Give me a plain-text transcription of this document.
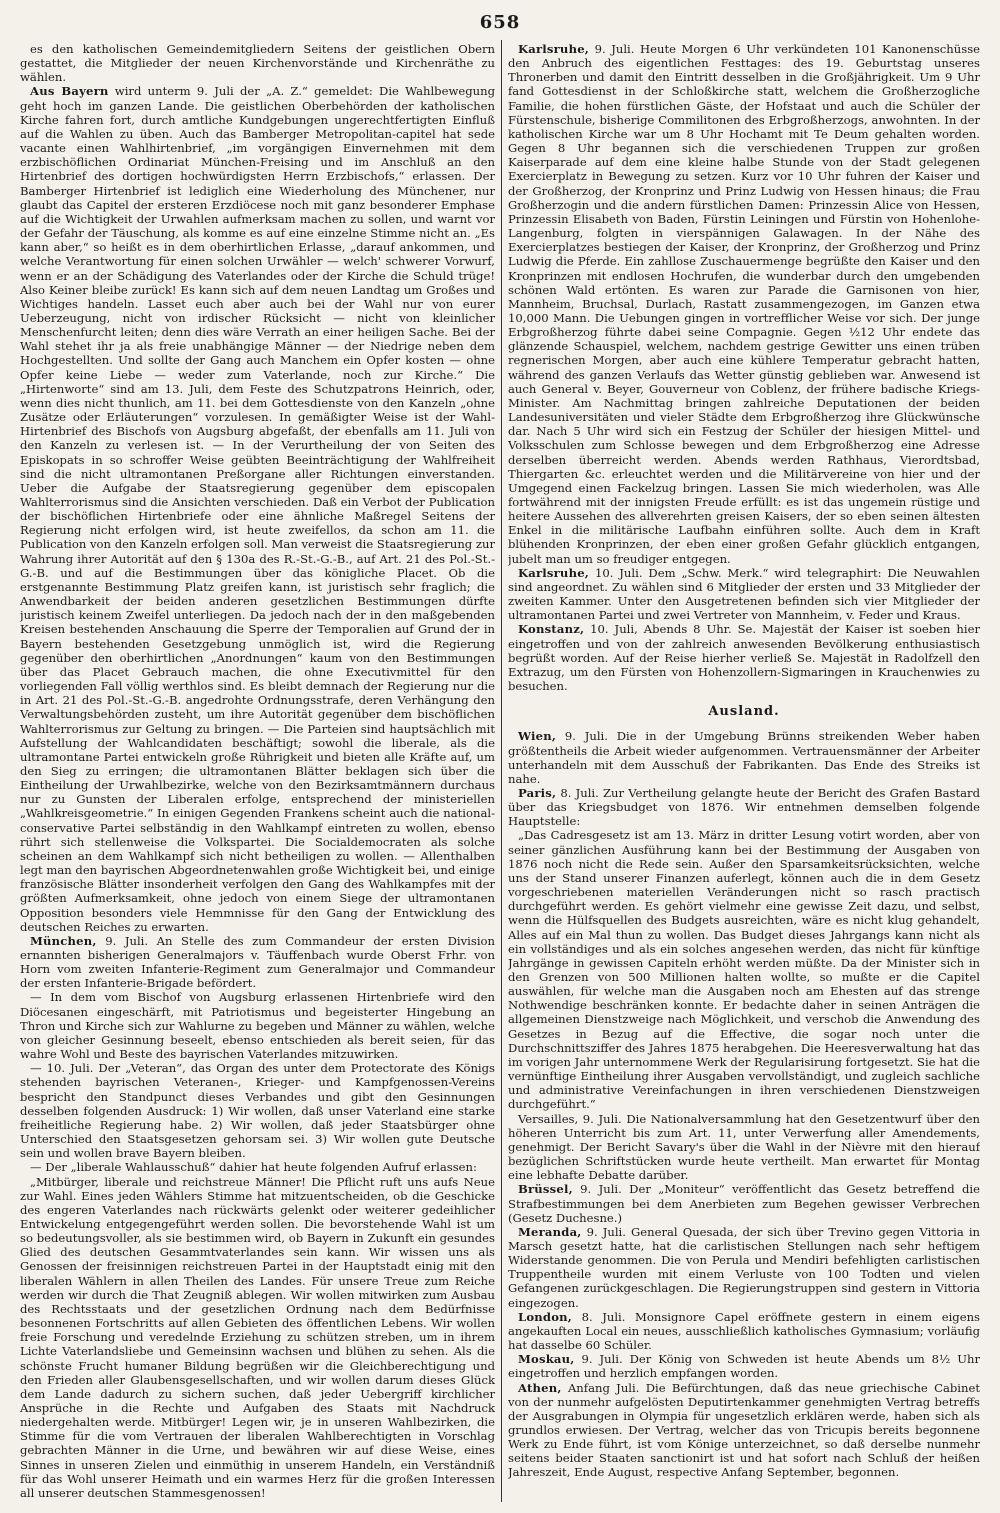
658

es den katholischen Gemeindemitgliedern Seitens der geistlichen Obern gestattet, die Mitglieder der neuen Kirchenvorstände und Kirchenräthe zu wählen.

Aus Bayern wird unterm 9. Juli der „A. Z.“ gemeldet: Die Wahlbewegung geht hoch im ganzen Lande. Die geistlichen Oberbehörden der katholischen Kirche fahren fort, durch amtliche Kundgebungen ungerechtfertigten Einfluß auf die Wahlen zu üben. Auch das Bamberger Metropolitan-capitel hat sede vacante einen Wahlhirtenbrief, „im vorgängigen Einvernehmen mit dem erzbischöflichen Ordinariat München-Freising und im Anschluß an den Hirtenbrief des dortigen hochwürdigsten Herrn Erzbischofs,“ erlassen. Der Bamberger Hirtenbrief ist lediglich eine Wiederholung des Münchener, nur glaubt das Capitel der ersteren Erzdiöcese noch mit ganz besonderer Emphase auf die Wichtigkeit der Urwahlen aufmerksam machen zu sollen, und warnt vor der Gefahr der Täuschung, als komme es auf eine einzelne Stimme nicht an. „Es kann aber,“ so heißt es in dem oberhirtlichen Erlasse, „darauf ankommen, und welche Verantwortung für einen solchen Urwähler — welch' schwerer Vorwurf, wenn er an der Schädigung des Vaterlandes oder der Kirche die Schuld trüge! Also Keiner bleibe zurück! Es kann sich auf dem neuen Landtag um Großes und Wichtiges handeln. Lasset euch aber auch bei der Wahl nur von eurer Ueberzeugung, nicht von irdischer Rücksicht — nicht von kleinlicher Menschenfurcht leiten; denn dies wäre Verrath an einer heiligen Sache. Bei der Wahl stehet ihr ja als freie unabhängige Männer — der Niedrige neben dem Hochgestellten. Und sollte der Gang auch Manchem ein Opfer kosten — ohne Opfer keine Liebe — weder zum Vaterlande, noch zur Kirche.“ Die „Hirtenworte“ sind am 13. Juli, dem Feste des Schutzpatrons Heinrich, oder, wenn dies nicht thunlich, am 11. bei dem Gottesdienste von den Kanzeln „ohne Zusätze oder Erläuterungen“ vorzulesen. In gemäßigter Weise ist der Wahl-Hirtenbrief des Bischofs von Augsburg abgefaßt, der ebenfalls am 11. Juli von den Kanzeln zu verlesen ist. — In der Verurtheilung der von Seiten des Episkopats in so schroffer Weise geübten Beeinträchtigung der Wahlfreiheit sind die nicht ultramontanen Preßorgane aller Richtungen einverstanden. Ueber die Aufgabe der Staatsregierung gegenüber dem episcopalen Wahlterrorismus sind die Ansichten verschieden. Daß ein Verbot der Publication der bischöflichen Hirtenbriefe oder eine ähnliche Maßregel Seitens der Regierung nicht erfolgen wird, ist heute zweifellos, da schon am 11. die Publication von den Kanzeln erfolgen soll. Man verweist die Staatsregierung zur Wahrung ihrer Autorität auf den § 130a des R.-St.-G.-B., auf Art. 21 des Pol.-St.-G.-B. und auf die Bestimmungen über das königliche Placet. Ob die erstgenannte Bestimmung Platz greifen kann, ist juristisch sehr fraglich; die Anwendbarkeit der beiden anderen gesetzlichen Bestimmungen dürfte juristisch keinem Zweifel unterliegen. Da jedoch nach der in den maßgebenden Kreisen bestehenden Anschauung die Sperre der Temporalien auf Grund der in Bayern bestehenden Gesetzgebung unmöglich ist, wird die Regierung gegenüber den oberhirtlichen „Anordnungen“ kaum von den Bestimmungen über das Placet Gebrauch machen, die ohne Executivmittel für den vorliegenden Fall völlig werthlos sind. Es bleibt demnach der Regierung nur die in Art. 21 des Pol.-St.-G.-B. angedrohte Ordnungsstrafe, deren Verhängung den Verwaltungsbehörden zusteht, um ihre Autorität gegenüber dem bischöflichen Wahlterrorismus zur Geltung zu bringen. — Die Parteien sind hauptsächlich mit Aufstellung der Wahlcandidaten beschäftigt; sowohl die liberale, als die ultramontane Partei entwickeln große Rührigkeit und bieten alle Kräfte auf, um den Sieg zu erringen; die ultramontanen Blätter beklagen sich über die Eintheilung der Urwahlbezirke, welche von den Bezirksamtmännern durchaus nur zu Gunsten der Liberalen erfolge, entsprechend der ministeriellen „Wahlkreisgeometrie.“ In einigen Gegenden Frankens scheint auch die national-conservative Partei selbständig in den Wahlkampf eintreten zu wollen, ebenso rührt sich stellenweise die Volkspartei. Die Socialdemocraten als solche scheinen an dem Wahlkampf sich nicht betheiligen zu wollen. — Allenthalben legt man den bayrischen Abgeordnetenwahlen große Wichtigkeit bei, und einige französische Blätter insonderheit verfolgen den Gang des Wahlkampfes mit der größten Aufmerksamkeit, ohne jedoch von einem Siege der ultramontanen Opposition besonders viele Hemmnisse für den Gang der Entwicklung des deutschen Reiches zu erwarten.

München, 9. Juli. An Stelle des zum Commandeur der ersten Division ernannten bisherigen Generalmajors v. Täuffenbach wurde Oberst Frhr. von Horn vom zweiten Infanterie-Regiment zum Generalmajor und Commandeur der ersten Infanterie-Brigade befördert.

— In dem vom Bischof von Augsburg erlassenen Hirtenbriefe wird den Diöcesanen eingeschärft, mit Patriotismus und begeisterter Hingebung an Thron und Kirche sich zur Wahlurne zu begeben und Männer zu wählen, welche von gleicher Gesinnung beseelt, ebenso entschieden als bereit seien, für das wahre Wohl und Beste des bayrischen Vaterlandes mitzuwirken.

— 10. Juli. Der „Veteran“, das Organ des unter dem Protectorate des Königs stehenden bayrischen Veteranen-, Krieger- und Kampfgenossen-Vereins bespricht den Standpunct dieses Verbandes und gibt den Gesinnungen desselben folgenden Ausdruck: 1) Wir wollen, daß unser Vaterland eine starke freiheitliche Regierung habe. 2) Wir wollen, daß jeder Staatsbürger ohne Unterschied den Staatsgesetzen gehorsam sei. 3) Wir wollen gute Deutsche sein und wollen brave Bayern bleiben.

— Der „liberale Wahlausschuß“ dahier hat heute folgenden Aufruf erlassen:

„Mitbürger, liberale und reichstreue Männer! Die Pflicht ruft uns aufs Neue zur Wahl. Eines jeden Wählers Stimme hat mitzuentscheiden, ob die Geschicke des engeren Vaterlandes nach rückwärts gelenkt oder weiterer gedeihlicher Entwickelung entgegengeführt werden sollen. Die bevorstehende Wahl ist um so bedeutungsvoller, als sie bestimmen wird, ob Bayern in Zukunft ein gesundes Glied des deutschen Gesammtvaterlandes sein kann. Wir wissen uns als Genossen der freisinnigen reichstreuen Partei in der Hauptstadt einig mit den liberalen Wählern in allen Theilen des Landes. Für unsere Treue zum Reiche werden wir durch die That Zeugniß ablegen. Wir wollen mitwirken zum Ausbau des Rechtsstaats und der gesetzlichen Ordnung nach dem Bedürfnisse besonnenen Fortschritts auf allen Gebieten des öffentlichen Lebens. Wir wollen freie Forschung und veredelnde Erziehung zu schützen streben, um in ihrem Lichte Vaterlandsliebe und Gemeinsinn wachsen und blühen zu sehen. Als die schönste Frucht humaner Bildung begrüßen wir die Gleichberechtigung und den Frieden aller Glaubensgesellschaften, und wir wollen darum dieses Glück dem Lande dadurch zu sichern suchen, daß jeder Uebergriff kirchlicher Ansprüche in die Rechte und Aufgaben des Staats mit Nachdruck niedergehalten werde. Mitbürger! Legen wir, je in unseren Wahlbezirken, die Stimme für die vom Vertrauen der liberalen Wahlberechtigten in Vorschlag gebrachten Männer in die Urne, und bewähren wir auf diese Weise, eines Sinnes in unseren Zielen und einmüthig in unserem Handeln, ein Verständniß für das Wohl unserer Heimath und ein warmes Herz für die großen Interessen all unserer deutschen Stammesgenossen!

Karlsruhe, 9. Juli. Heute Morgen 6 Uhr verkündeten 101 Kanonenschüsse den Anbruch des eigentlichen Festtages: des 19. Geburtstag unseres Thronerben und damit den Eintritt desselben in die Großjährigkeit. Um 9 Uhr fand Gottesdienst in der Schloßkirche statt, welchem die Großherzogliche Familie, die hohen fürstlichen Gäste, der Hofstaat und auch die Schüler der Fürstenschule, bisherige Commilitonen des Erbgroßherzogs, anwohnten. In der katholischen Kirche war um 8 Uhr Hochamt mit Te Deum gehalten worden. Gegen 8 Uhr begannen sich die verschiedenen Truppen zur großen Kaiserparade auf dem eine kleine halbe Stunde von der Stadt gelegenen Exercierplatz in Bewegung zu setzen. Kurz vor 10 Uhr fuhren der Kaiser und der Großherzog, der Kronprinz und Prinz Ludwig von Hessen hinaus; die Frau Großherzogin und die andern fürstlichen Damen: Prinzessin Alice von Hessen, Prinzessin Elisabeth von Baden, Fürstin Leiningen und Fürstin von Hohenlohe-Langenburg, folgten in vierspännigen Galawagen. In der Nähe des Exercierplatzes bestiegen der Kaiser, der Kronprinz, der Großherzog und Prinz Ludwig die Pferde. Ein zahllose Zuschauermenge begrüßte den Kaiser und den Kronprinzen mit endlosen Hochrufen, die wunderbar durch den umgebenden schönen Wald ertönten. Es waren zur Parade die Garnisonen von hier, Mannheim, Bruchsal, Durlach, Rastatt zusammengezogen, im Ganzen etwa 10,000 Mann. Die Uebungen gingen in vortrefflicher Weise vor sich. Der junge Erbgroßherzog führte dabei seine Compagnie. Gegen ½12 Uhr endete das glänzende Schauspiel, welchem, nachdem gestrige Gewitter uns einen trüben regnerischen Morgen, aber auch eine kühlere Temperatur gebracht hatten, während des ganzen Verlaufs das Wetter günstig geblieben war. Anwesend ist auch General v. Beyer, Gouverneur von Coblenz, der frühere badische Kriegs-Minister. Am Nachmittag bringen zahlreiche Deputationen der beiden Landesuniversitäten und vieler Städte dem Erbgroßherzog ihre Glückwünsche dar. Nach 5 Uhr wird sich ein Festzug der Schüler der hiesigen Mittel- und Volksschulen zum Schlosse bewegen und dem Erbgroßherzog eine Adresse derselben überreicht werden. Abends werden Rathhaus, Vierordtsbad, Thiergarten &c. erleuchtet werden und die Militärvereine von hier und der Umgegend einen Fackelzug bringen. Lassen Sie mich wiederholen, was Alle fortwährend mit der innigsten Freude erfüllt: es ist das ungemein rüstige und heitere Aussehen des allverehrten greisen Kaisers, der so eben seinen ältesten Enkel in die militärische Laufbahn einführen sollte. Auch dem in Kraft blühenden Kronprinzen, der eben einer großen Gefahr glücklich entgangen, jubelt man um so freudiger entgegen.

Karlsruhe, 10. Juli. Dem „Schw. Merk.“ wird telegraphirt: Die Neuwahlen sind angeordnet. Zu wählen sind 6 Mitglieder der ersten und 33 Mitglieder der zweiten Kammer. Unter den Ausgetretenen befinden sich vier Mitglieder der ultramontanen Partei und zwei Vertreter von Mannheim, v. Feder und Kraus.

Konstanz, 10. Juli, Abends 8 Uhr. Se. Majestät der Kaiser ist soeben hier eingetroffen und von der zahlreich anwesenden Bevölkerung enthusiastisch begrüßt worden. Auf der Reise hierher verließ Se. Majestät in Radolfzell den Extrazug, um den Fürsten von Hohenzollern-Sigmaringen in Krauchenwies zu besuchen.

Ausland.

Wien, 9. Juli. Die in der Umgebung Brünns streikenden Weber haben größtentheils die Arbeit wieder aufgenommen. Vertrauensmänner der Arbeiter unterhandeln mit dem Ausschuß der Fabrikanten. Das Ende des Streiks ist nahe.

Paris, 8. Juli. Zur Vertheilung gelangte heute der Bericht des Grafen Bastard über das Kriegsbudget von 1876. Wir entnehmen demselben folgende Hauptstelle:

„Das Cadresgesetz ist am 13. März in dritter Lesung votirt worden, aber von seiner gänzlichen Ausführung kann bei der Bestimmung der Ausgaben von 1876 noch nicht die Rede sein. Außer den Sparsamkeitsrücksichten, welche uns der Stand unserer Finanzen auferlegt, können auch die in dem Gesetz vorgeschriebenen materiellen Veränderungen nicht so rasch practisch durchgeführt werden. Es gehört vielmehr eine gewisse Zeit dazu, und selbst, wenn die Hülfsquellen des Budgets ausreichten, wäre es nicht klug gehandelt, Alles auf ein Mal thun zu wollen. Das Budget dieses Jahrgangs kann nicht als ein vollständiges und als ein solches angesehen werden, das nicht für künftige Jahrgänge in gewissen Capiteln erhöht werden müßte. Da der Minister sich in den Grenzen von 500 Millionen halten wollte, so mußte er die Capitel auswählen, für welche man die Ausgaben noch am Ehesten auf das strenge Nothwendige beschränken konnte. Er bedachte daher in seinen Anträgen die allgemeinen Dienstzweige nach Möglichkeit, und verschob die Anwendung des Gesetzes in Bezug auf die Effective, die sogar noch unter die Durchschnittsziffer des Jahres 1875 herabgehen. Die Heeresverwaltung hat das im vorigen Jahr unternommene Werk der Regularisirung fortgesetzt. Sie hat die vernünftige Eintheilung ihrer Ausgaben vervollständigt, und zugleich sachliche und administrative Vereinfachungen in ihren verschiedenen Dienstzweigen durchgeführt.“

Versailles, 9. Juli. Die Nationalversammlung hat den Gesetzentwurf über den höheren Unterricht bis zum Art. 11, unter Verwerfung aller Amendements, genehmigt. Der Bericht Savary's über die Wahl in der Nièvre mit den hierauf bezüglichen Schriftstücken wurde heute vertheilt. Man erwartet für Montag eine lebhafte Debatte darüber.

Brüssel, 9. Juli. Der „Moniteur“ veröffentlicht das Gesetz betreffend die Strafbestimmungen bei dem Anerbieten zum Begehen gewisser Verbrechen (Gesetz Duchesne.)

Meranda, 9. Juli. General Quesada, der sich über Trevino gegen Vittoria in Marsch gesetzt hatte, hat die carlistischen Stellungen nach sehr heftigem Widerstande genommen. Die von Perula und Mendiri befehligten carlistischen Truppentheile wurden mit einem Verluste von 100 Todten und vielen Gefangenen zurückgeschlagen. Die Regierungstruppen sind gestern in Vittoria eingezogen.

London, 8. Juli. Monsignore Capel eröffnete gestern in einem eigens angekauften Local ein neues, ausschließlich katholisches Gymnasium; vorläufig hat dasselbe 60 Schüler.

Moskau, 9. Juli. Der König von Schweden ist heute Abends um 8½ Uhr eingetroffen und herzlich empfangen worden.

Athen, Anfang Juli. Die Befürchtungen, daß das neue griechische Cabinet von der nunmehr aufgelösten Deputirtenkammer genehmigten Vertrag betreffs der Ausgrabungen in Olympia für ungesetzlich erklären werde, haben sich als grundlos erwiesen. Der Vertrag, welcher das von Tricupis bereits begonnene Werk zu Ende führt, ist vom Könige unterzeichnet, so daß derselbe nunmehr seitens beider Staaten sanctionirt ist und hat sofort nach Schluß der heißen Jahreszeit, Ende August, respective Anfang September, begonnen.
